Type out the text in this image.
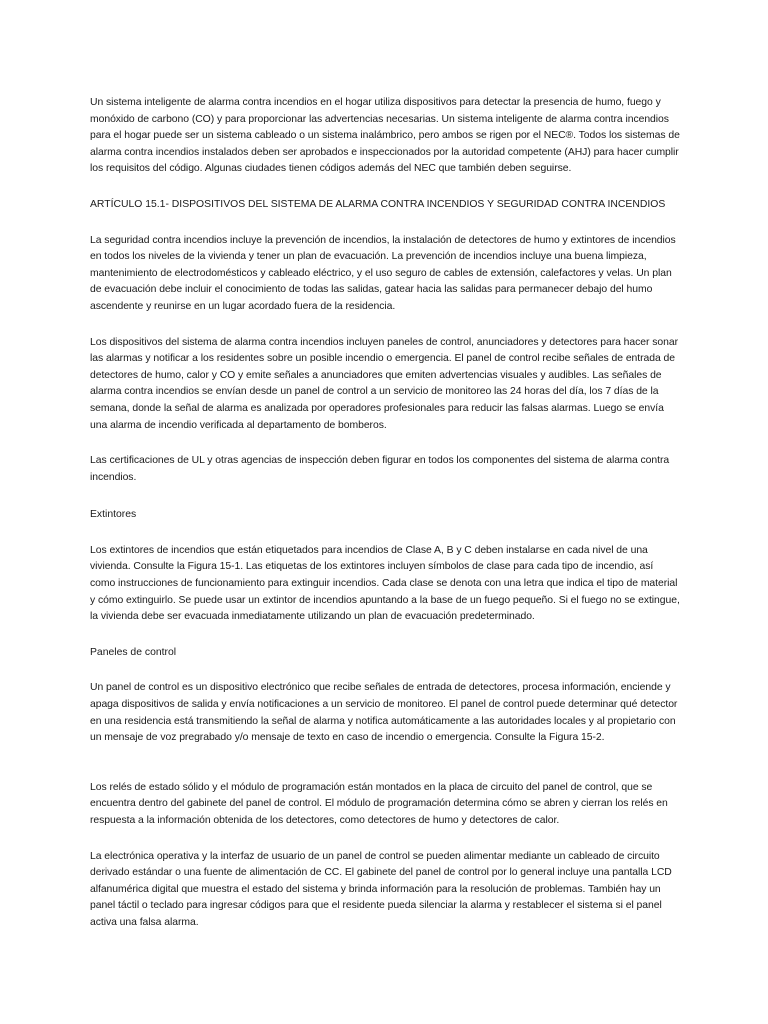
Un sistema inteligente de alarma contra incendios en el hogar utiliza dispositivos para detectar la presencia de humo, fuego y monóxido de carbono (CO) y para proporcionar las advertencias necesarias. Un sistema inteligente de alarma contra incendios para el hogar puede ser un sistema cableado o un sistema inalámbrico, pero ambos se rigen por el NEC®. Todos los sistemas de alarma contra incendios instalados deben ser aprobados e inspeccionados por la autoridad competente (AHJ) para hacer cumplir los requisitos del código. Algunas ciudades tienen códigos además del NEC que también deben seguirse.

ARTÍCULO 15.1- DISPOSITIVOS DEL SISTEMA DE ALARMA CONTRA INCENDIOS Y SEGURIDAD CONTRA INCENDIOS

La seguridad contra incendios incluye la prevención de incendios, la instalación de detectores de humo y extintores de incendios en todos los niveles de la vivienda y tener un plan de evacuación. La prevención de incendios incluye una buena limpieza, mantenimiento de electrodomésticos y cableado eléctrico, y el uso seguro de cables de extensión, calefactores y velas. Un plan de evacuación debe incluir el conocimiento de todas las salidas, gatear hacia las salidas para permanecer debajo del humo ascendente y reunirse en un lugar acordado fuera de la residencia.

Los dispositivos del sistema de alarma contra incendios incluyen paneles de control, anunciadores y detectores para hacer sonar las alarmas y notificar a los residentes sobre un posible incendio o emergencia. El panel de control recibe señales de entrada de detectores de humo, calor y CO y emite señales a anunciadores que emiten advertencias visuales y audibles. Las señales de alarma contra incendios se envían desde un panel de control a un servicio de monitoreo las 24 horas del día, los 7 días de la semana, donde la señal de alarma es analizada por operadores profesionales para reducir las falsas alarmas. Luego se envía una alarma de incendio verificada al departamento de bomberos.

Las certificaciones de UL y otras agencias de inspección deben figurar en todos los componentes del sistema de alarma contra incendios.

Extintores

Los extintores de incendios que están etiquetados para incendios de Clase A, B y C deben instalarse en cada nivel de una vivienda. Consulte la Figura 15-1. Las etiquetas de los extintores incluyen símbolos de clase para cada tipo de incendio, así como instrucciones de funcionamiento para extinguir incendios. Cada clase se denota con una letra que indica el tipo de material y cómo extinguirlo. Se puede usar un extintor de incendios apuntando a la base de un fuego pequeño. Si el fuego no se extingue, la vivienda debe ser evacuada inmediatamente utilizando un plan de evacuación predeterminado.

Paneles de control

Un panel de control es un dispositivo electrónico que recibe señales de entrada de detectores, procesa información, enciende y apaga dispositivos de salida y envía notificaciones a un servicio de monitoreo. El panel de control puede determinar qué detector en una residencia está transmitiendo la señal de alarma y notifica automáticamente a las autoridades locales y al propietario con un mensaje de voz pregrabado y/o mensaje de texto en caso de incendio o emergencia. Consulte la Figura 15-2.

Los relés de estado sólido y el módulo de programación están montados en la placa de circuito del panel de control, que se encuentra dentro del gabinete del panel de control. El módulo de programación determina cómo se abren y cierran los relés en respuesta a la información obtenida de los detectores, como detectores de humo y detectores de calor.

La electrónica operativa y la interfaz de usuario de un panel de control se pueden alimentar mediante un cableado de circuito derivado estándar o una fuente de alimentación de CC. El gabinete del panel de control por lo general incluye una pantalla LCD alfanumérica digital que muestra el estado del sistema y brinda información para la resolución de problemas. También hay un panel táctil o teclado para ingresar códigos para que el residente pueda silenciar la alarma y restablecer el sistema si el panel activa una falsa alarma.
